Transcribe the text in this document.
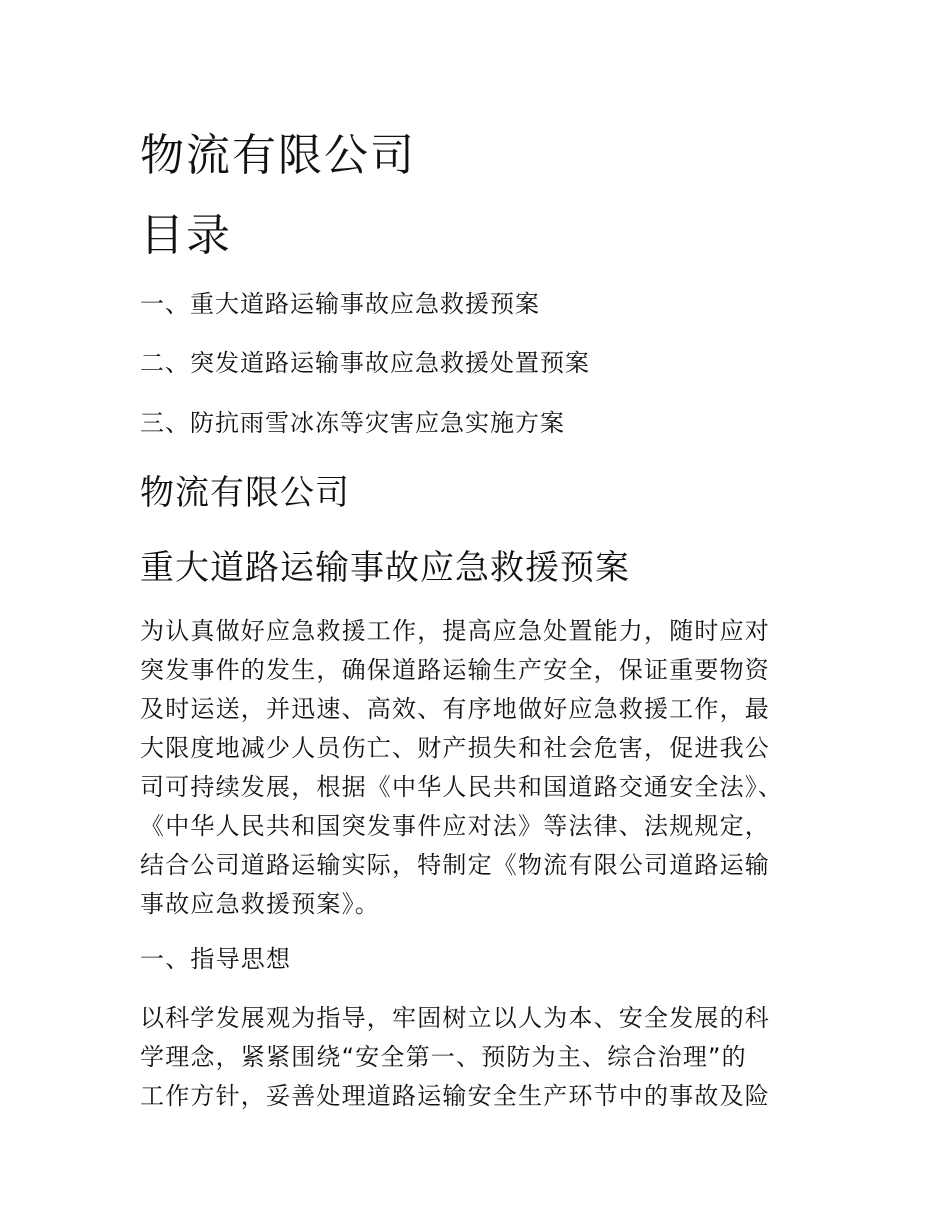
物流有限公司
目录

一、重大道路运输事故应急救援预案

二、突发道路运输事故应急救援处置预案

三、防抗雨雪冰冻等灾害应急实施方案

物流有限公司
重大道路运输事故应急救援预案

为认真做好应急救援工作，提高应急处置能力，随时应对

突发事件的发生，确保道路运输生产安全，保证重要物资

及时运送，并迅速、高效、有序地做好应急救援工作，最

大限度地减少人员伤亡、财产损失和社会危害，促进我公

司可持续发展，根据《中华人民共和国道路交通安全法》、

《中华人民共和国突发事件应对法》等法律、法规规定，

结合公司道路运输实际，特制定《物流有限公司道路运输

事故应急救援预案》。

一、指导思想

以科学发展观为指导，牢固树立以人为本、安全发展的科

学理念，紧紧围绕“安全第一、预防为主、综合治理”的

工作方针，妥善处理道路运输安全生产环节中的事故及险
